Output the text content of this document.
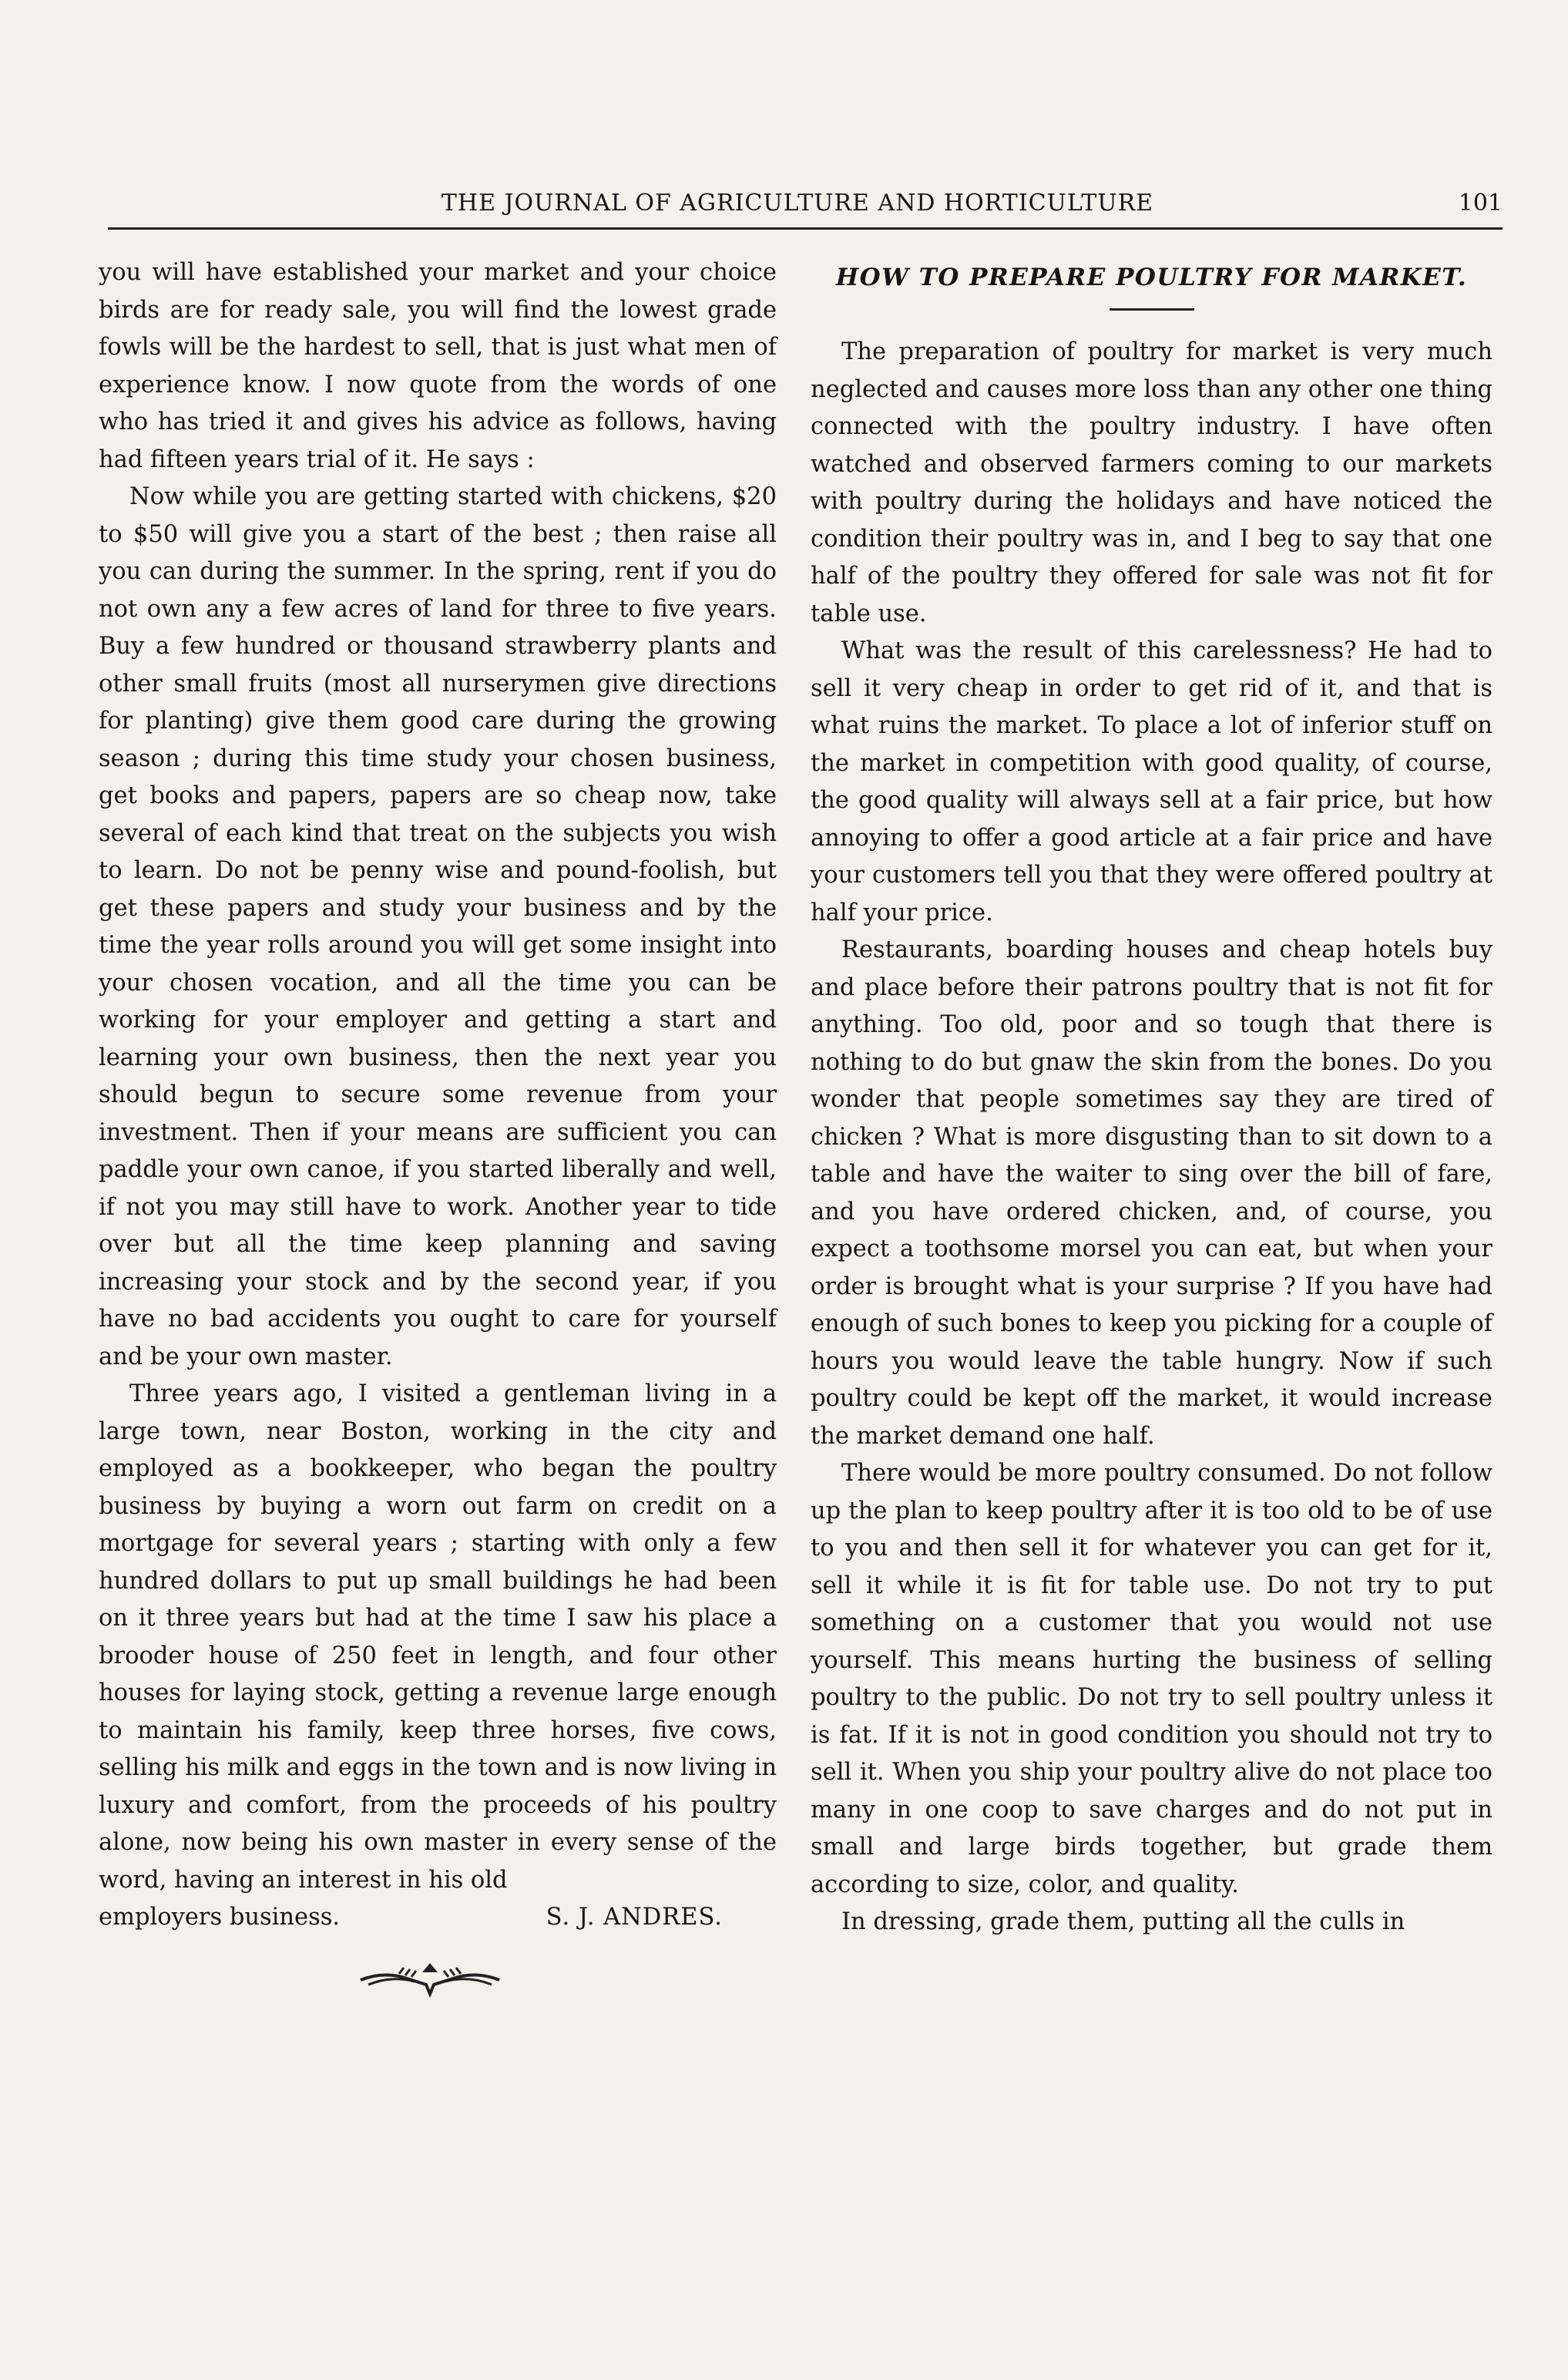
THE JOURNAL OF AGRICULTURE AND HORTICULTURE	101

you will have established your market and your choice birds are for ready sale, you will find the lowest grade fowls will be the hardest to sell, that is just what men of experience know. I now quote from the words of one who has tried it and gives his advice as follows, having had fifteen years trial of it. He says :

Now while you are getting started with chickens, $20 to $50 will give you a start of the best ; then raise all you can during the summer. In the spring, rent if you do not own any a few acres of land for three to five years. Buy a few hundred or thousand strawberry plants and other small fruits (most all nurserymen give directions for planting) give them good care during the growing season ; during this time study your chosen business, get books and papers, papers are so cheap now, take several of each kind that treat on the subjects you wish to learn. Do not be penny wise and pound-foolish, but get these papers and study your business and by the time the year rolls around you will get some insight into your chosen vocation, and all the time you can be working for your employer and getting a start and learning your own business, then the next year you should begun to secure some revenue from your investment. Then if your means are sufficient you can paddle your own canoe, if you started liberally and well, if not you may still have to work. Another year to tide over but all the time keep planning and saving increasing your stock and by the second year, if you have no bad accidents you ought to care for yourself and be your own master.

Three years ago, I visited a gentleman living in a large town, near Boston, working in the city and employed as a bookkeeper, who began the poultry business by buying a worn out farm on credit on a mortgage for several years ; starting with only a few hundred dollars to put up small buildings he had been on it three years but had at the time I saw his place a brooder house of 250 feet in length, and four other houses for laying stock, getting a revenue large enough to maintain his family, keep three horses, five cows, selling his milk and eggs in the town and is now living in luxury and comfort, from the proceeds of his poultry alone, now being his own master in every sense of the word, having an interest in his old

employers business.	S. J. ANDRES.

HOW TO PREPARE POULTRY FOR MARKET.

The preparation of poultry for market is very much neglected and causes more loss than any other one thing connected with the poultry industry. I have often watched and observed farmers coming to our markets with poultry during the holidays and have noticed the condition their poultry was in, and I beg to say that one half of the poultry they offered for sale was not fit for table use.

What was the result of this carelessness? He had to sell it very cheap in order to get rid of it, and that is what ruins the market. To place a lot of inferior stuff on the market in competition with good quality, of course, the good quality will always sell at a fair price, but how annoying to offer a good article at a fair price and have your customers tell you that they were offered poultry at half your price.

Restaurants, boarding houses and cheap hotels buy and place before their patrons poultry that is not fit for anything. Too old, poor and so tough that there is nothing to do but gnaw the skin from the bones. Do you wonder that people sometimes say they are tired of chicken ? What is more disgusting than to sit down to a table and have the waiter to sing over the bill of fare, and you have ordered chicken, and, of course, you expect a toothsome morsel you can eat, but when your order is brought what is your surprise ? If you have had enough of such bones to keep you picking for a couple of hours you would leave the table hungry. Now if such poultry could be kept off the market, it would increase the market demand one half.

There would be more poultry consumed. Do not follow up the plan to keep poultry after it is too old to be of use to you and then sell it for whatever you can get for it, sell it while it is fit for table use. Do not try to put something on a customer that you would not use yourself. This means hurting the business of selling poultry to the public. Do not try to sell poultry unless it is fat. If it is not in good condition you should not try to sell it. When you ship your poultry alive do not place too many in one coop to save charges and do not put in small and large birds together, but grade them according to size, color, and quality.

In dressing, grade them, putting all the culls in
